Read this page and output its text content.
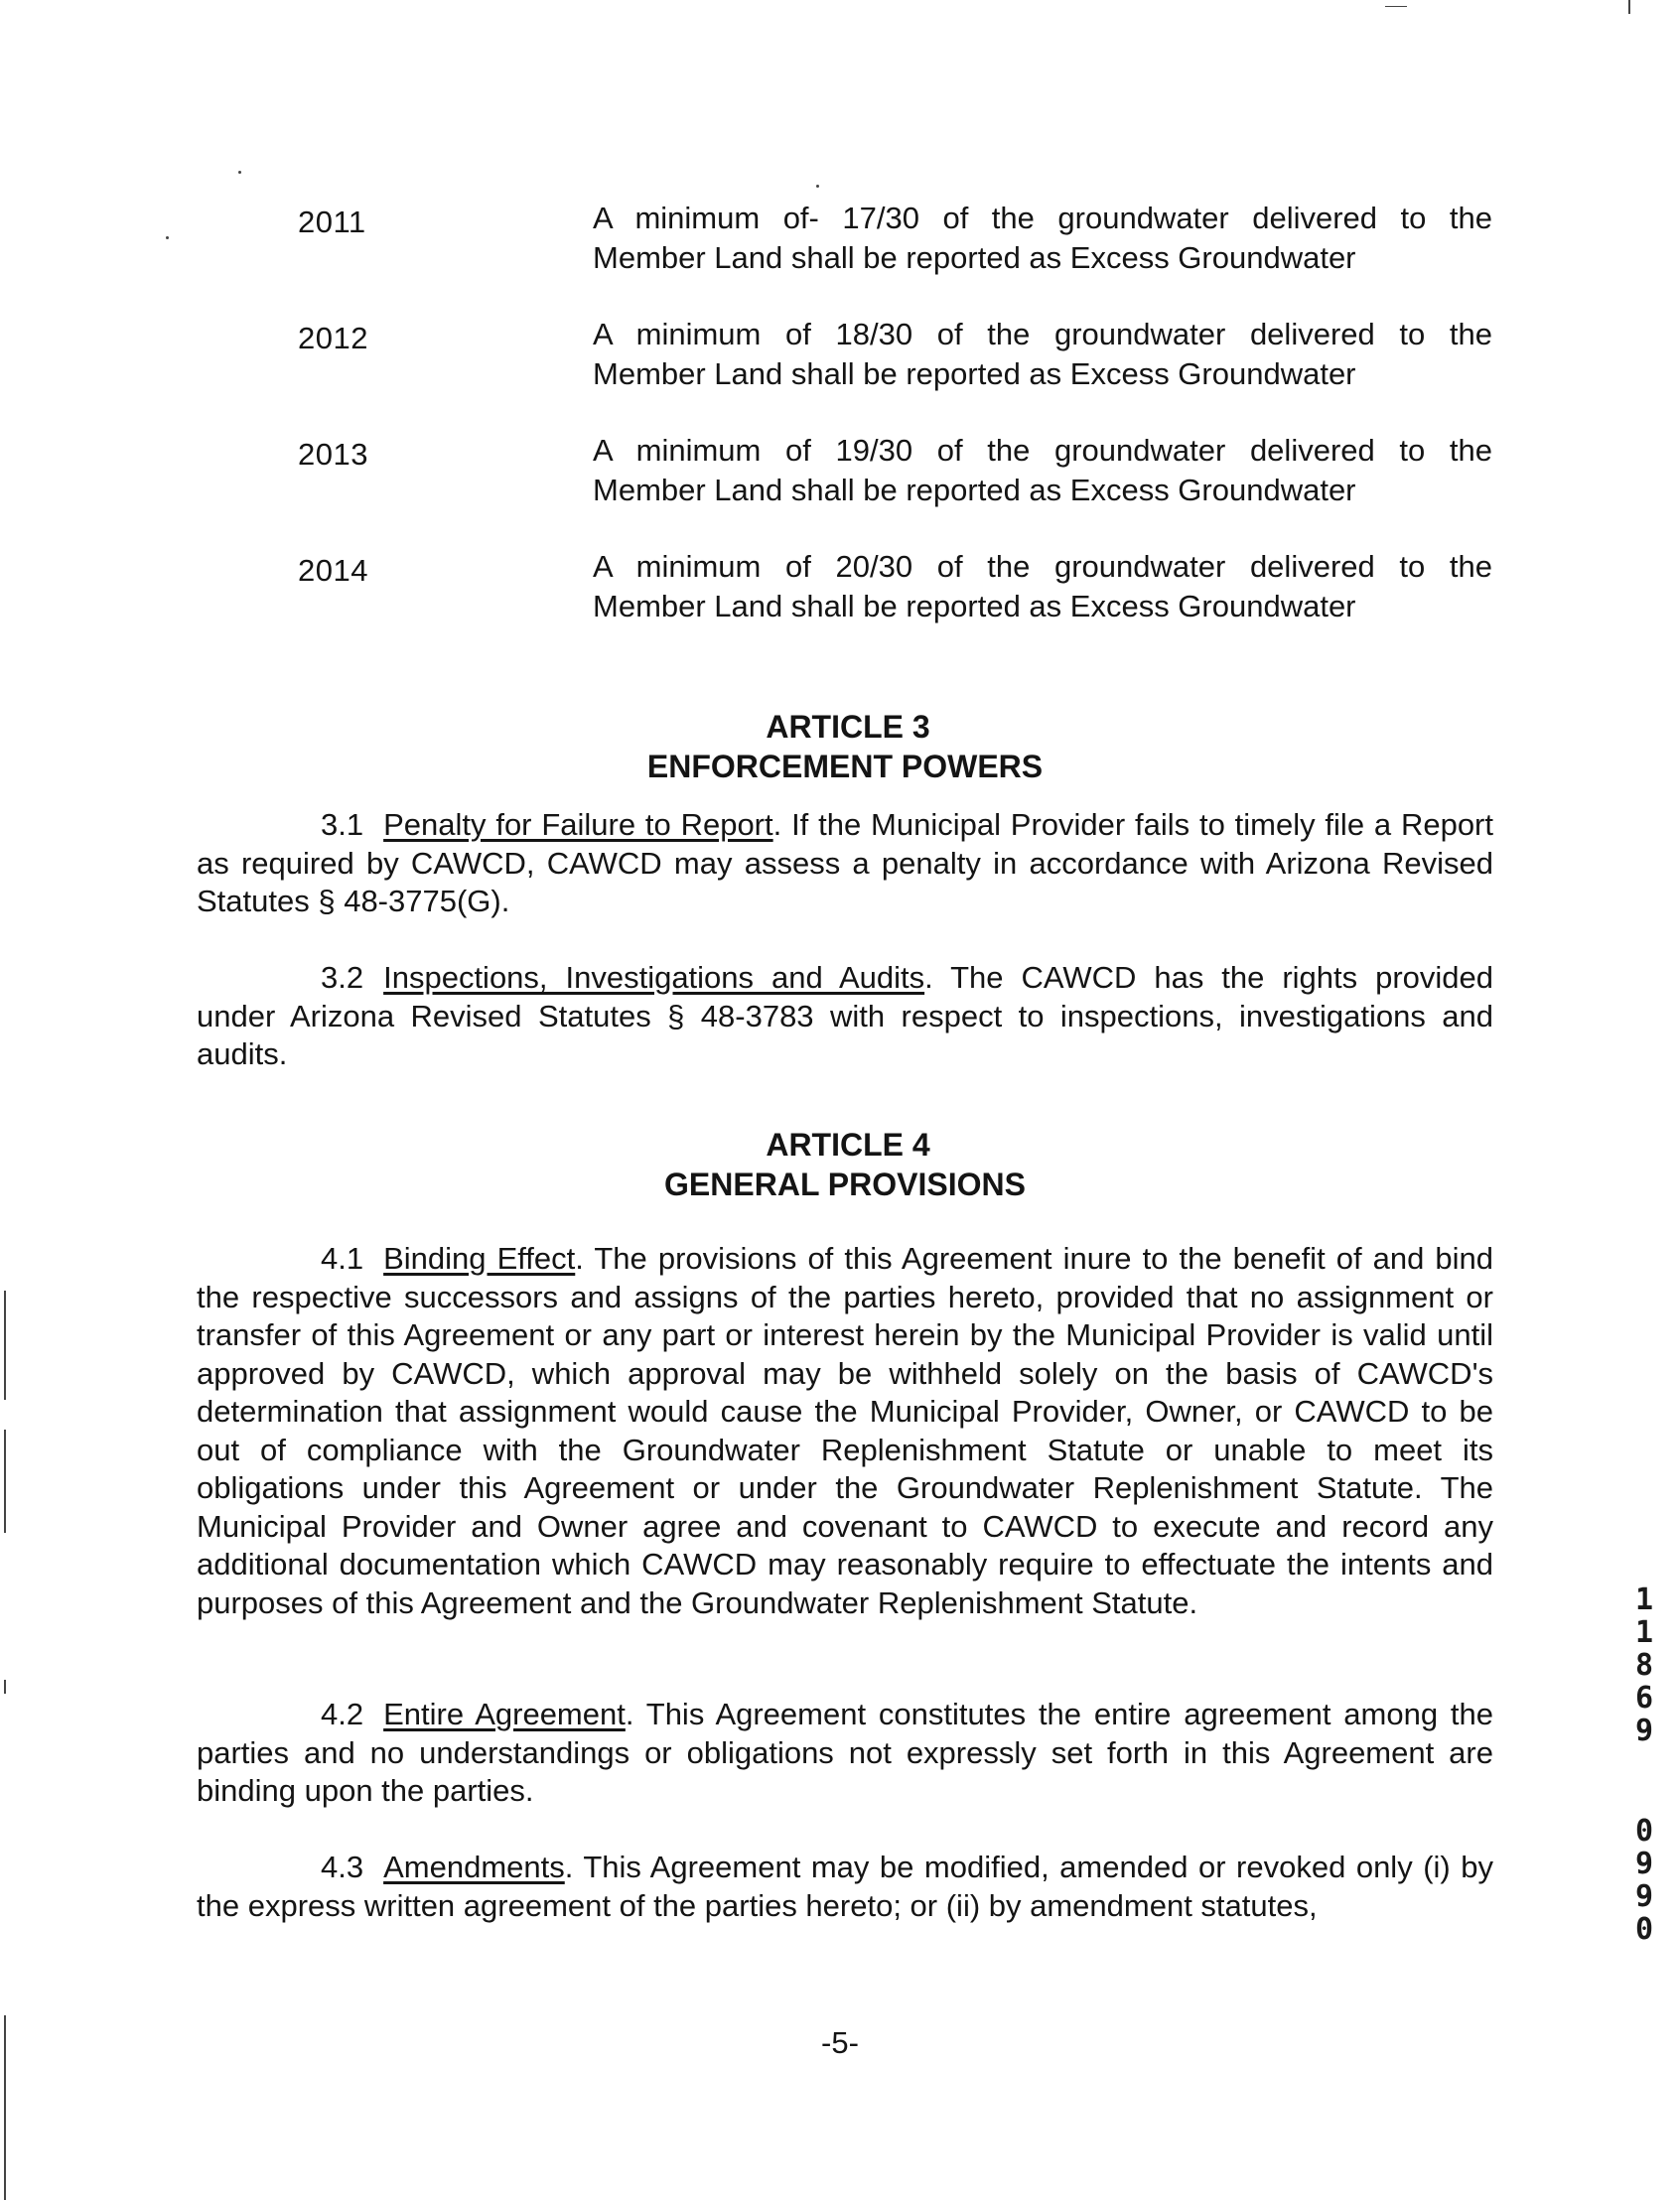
2011	A minimum of- 17/30 of the groundwater delivered to the
Member Land shall be reported as Excess Groundwater
2012	A minimum of 18/30 of the groundwater delivered to the
Member Land shall be reported as Excess Groundwater
2013	A minimum of 19/30 of the groundwater delivered to the
Member Land shall be reported as Excess Groundwater
2014	A minimum of 20/30 of the groundwater delivered to the
Member Land shall be reported as Excess Groundwater
ARTICLE 3
ENFORCEMENT POWERS

3.1 Penalty for Failure to Report. If the Municipal Provider fails to timely file a Report as required by CAWCD, CAWCD may assess a penalty in accordance with Arizona Revised Statutes § 48-3775(G).

3.2 Inspections, Investigations and Audits. The CAWCD has the rights provided under Arizona Revised Statutes § 48-3783 with respect to inspections, investigations and audits.

ARTICLE 4
GENERAL PROVISIONS

4.1 Binding Effect. The provisions of this Agreement inure to the benefit of and bind the respective successors and assigns of the parties hereto, provided that no assignment or transfer of this Agreement or any part or interest herein by the Municipal Provider is valid until approved by CAWCD, which approval may be withheld solely on the basis of CAWCD's determination that assignment would cause the Municipal Provider, Owner, or CAWCD to be out of compliance with the Groundwater Replenishment Statute or unable to meet its obligations under this Agreement or under the Groundwater Replenishment Statute. The Municipal Provider and Owner agree and covenant to CAWCD to execute and record any additional documentation which CAWCD may reasonably require to effectuate the intents and purposes of this Agreement and the Groundwater Replenishment Statute.

4.2 Entire Agreement. This Agreement constitutes the entire agreement among the parties and no understandings or obligations not expressly set forth in this Agreement are binding upon the parties.

4.3 Amendments. This Agreement may be modified, amended or revoked only (i) by the express written agreement of the parties hereto; or (ii) by amendment statutes,

-5-
1
1
8
6
9
0
9
9
0
